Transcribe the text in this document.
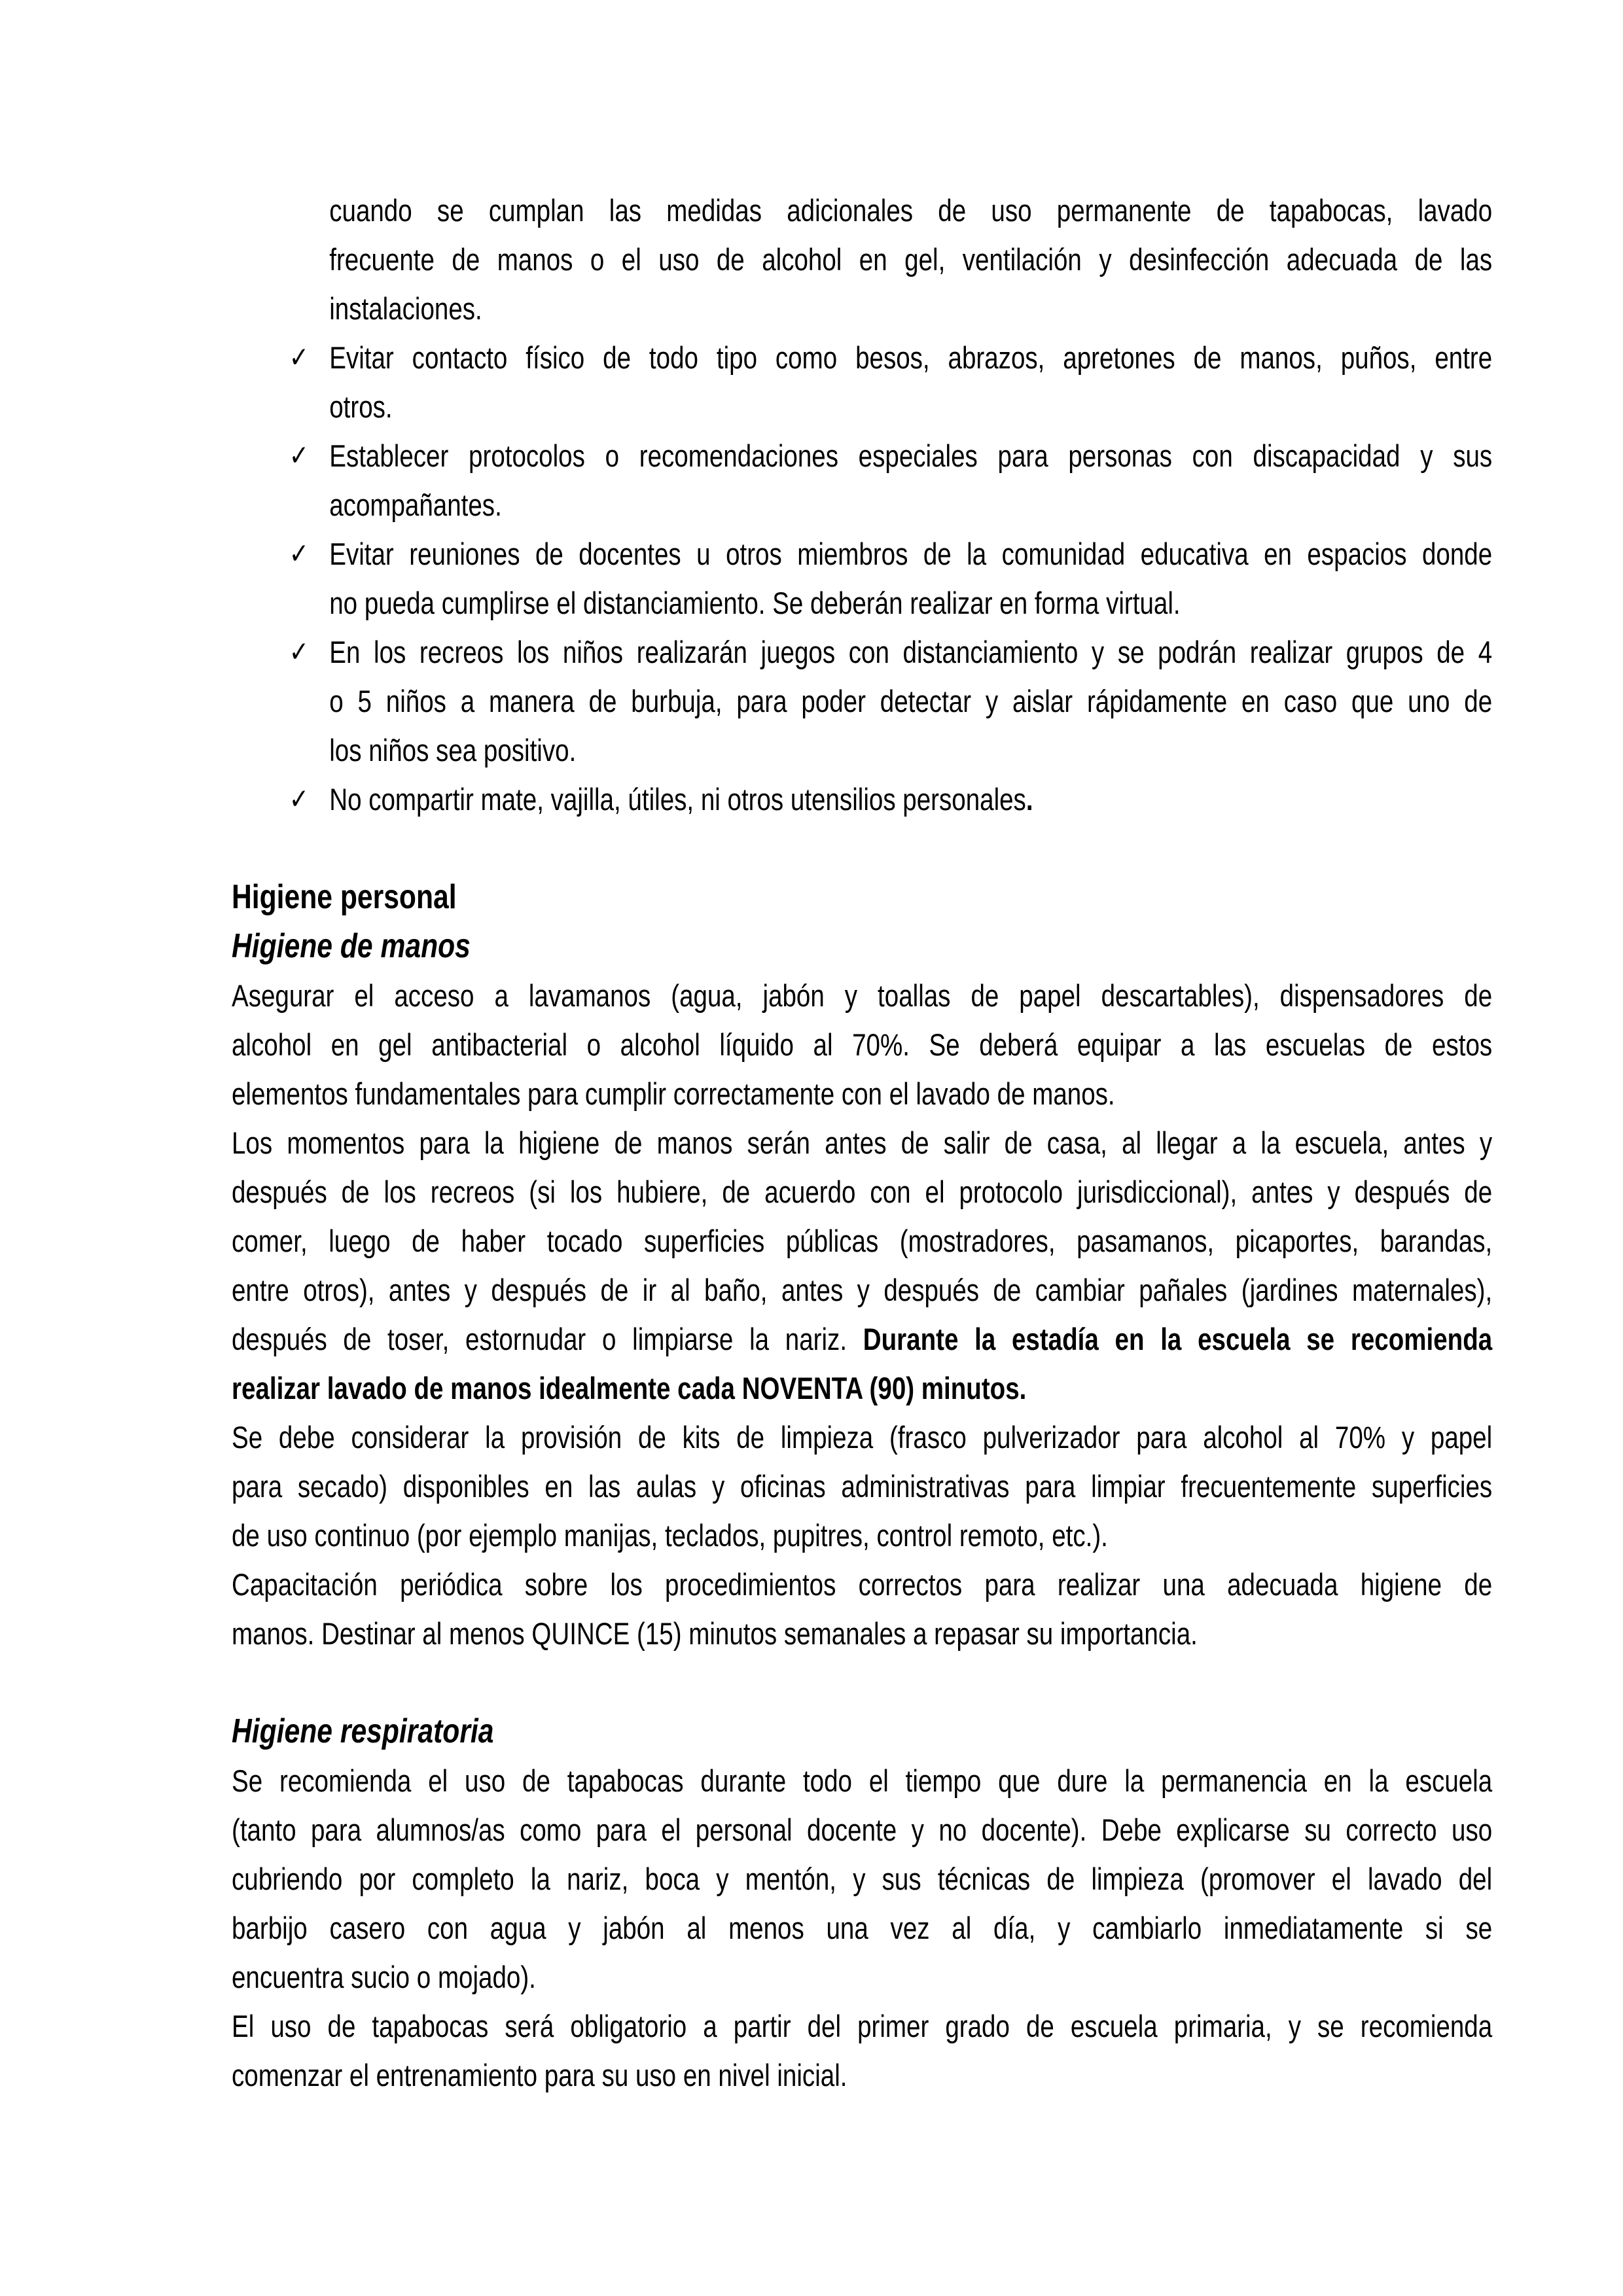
cuando se cumplan las medidas adicionales de uso permanente de tapabocas, lavado
frecuente de manos o el uso de alcohol en gel, ventilación y desinfección adecuada de las
instalaciones.
✓ Evitar contacto físico de todo tipo como besos, abrazos, apretones de manos, puños, entre
otros.
✓ Establecer protocolos o recomendaciones especiales para personas con discapacidad y sus
acompañantes.
✓ Evitar reuniones de docentes u otros miembros de la comunidad educativa en espacios donde
no pueda cumplirse el distanciamiento. Se deberán realizar en forma virtual.
✓ En los recreos los niños realizarán juegos con distanciamiento y se podrán realizar grupos de 4
o 5 niños a manera de burbuja, para poder detectar y aislar rápidamente en caso que uno de
los niños sea positivo.
✓ No compartir mate, vajilla, útiles, ni otros utensilios personales.
Higiene personal
Higiene de manos
Asegurar el acceso a lavamanos (agua, jabón y toallas de papel descartables), dispensadores de
alcohol en gel antibacterial o alcohol líquido al 70%. Se deberá equipar a las escuelas de estos
elementos fundamentales para cumplir correctamente con el lavado de manos.
Los momentos para la higiene de manos serán antes de salir de casa, al llegar a la escuela, antes y
después de los recreos (si los hubiere, de acuerdo con el protocolo jurisdiccional), antes y después de
comer, luego de haber tocado superficies públicas (mostradores, pasamanos, picaportes, barandas,
entre otros), antes y después de ir al baño, antes y después de cambiar pañales (jardines maternales),
después de toser, estornudar o limpiarse la nariz. Durante la estadía en la escuela se recomienda
realizar lavado de manos idealmente cada NOVENTA (90) minutos.
Se debe considerar la provisión de kits de limpieza (frasco pulverizador para alcohol al 70% y papel
para secado) disponibles en las aulas y oficinas administrativas para limpiar frecuentemente superficies
de uso continuo (por ejemplo manijas, teclados, pupitres, control remoto, etc.).
Capacitación periódica sobre los procedimientos correctos para realizar una adecuada higiene de
manos. Destinar al menos QUINCE (15) minutos semanales a repasar su importancia.
Higiene respiratoria
Se recomienda el uso de tapabocas durante todo el tiempo que dure la permanencia en la escuela
(tanto para alumnos/as como para el personal docente y no docente). Debe explicarse su correcto uso
cubriendo por completo la nariz, boca y mentón, y sus técnicas de limpieza (promover el lavado del
barbijo casero con agua y jabón al menos una vez al día, y cambiarlo inmediatamente si se
encuentra sucio o mojado).
El uso de tapabocas será obligatorio a partir del primer grado de escuela primaria, y se recomienda
comenzar el entrenamiento para su uso en nivel inicial.
